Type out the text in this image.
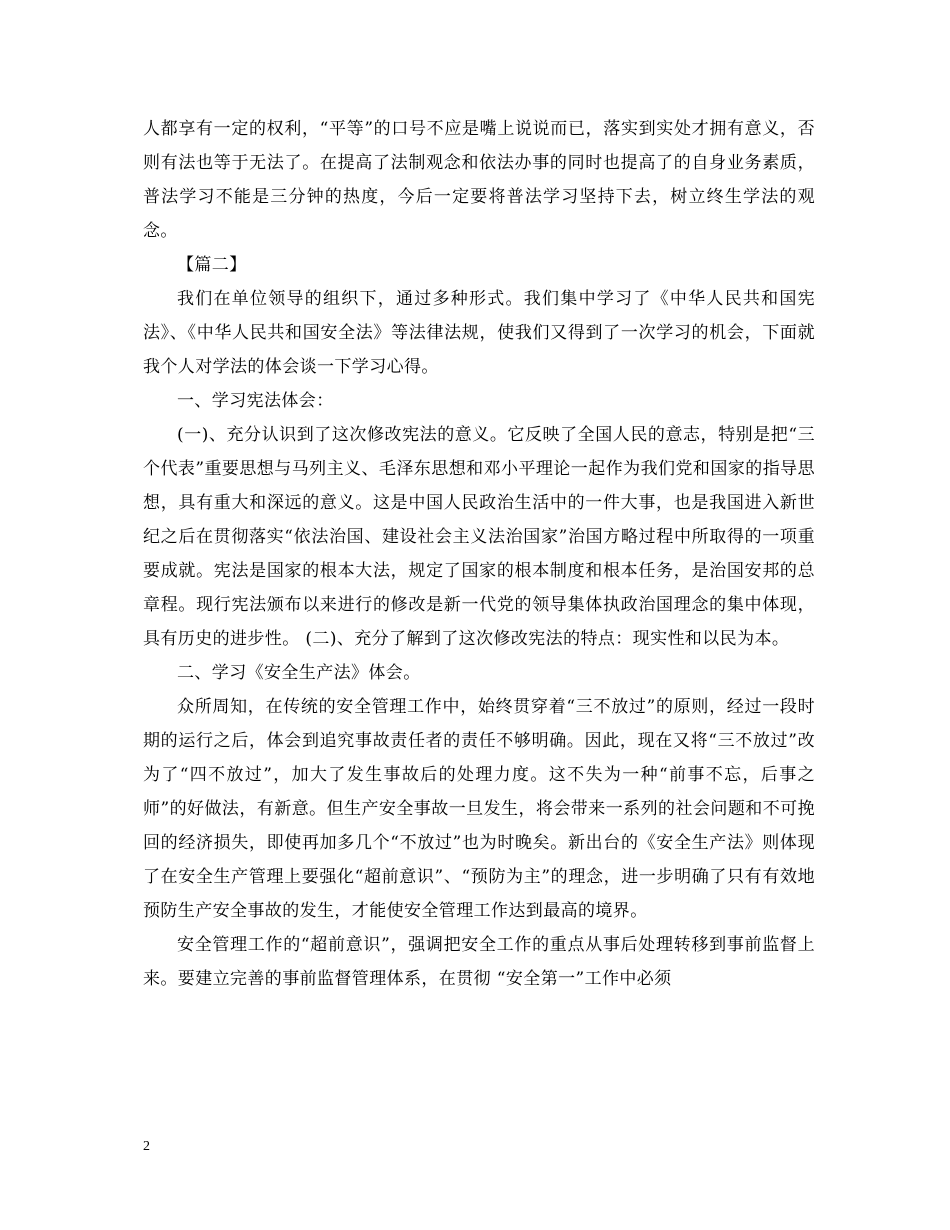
人都享有一定的权利，“平等”的口号不应是嘴上说说而已，落实到实处才拥有意义，否则有法也等于无法了。在提高了法制观念和依法办事的同时也提高了的自身业务素质，普法学习不能是三分钟的热度，今后一定要将普法学习坚持下去，树立终生学法的观念。

【篇二】

我们在单位领导的组织下，通过多种形式。我们集中学习了《中华人民共和国宪法》、《中华人民共和国安全法》等法律法规，使我们又得到了一次学习的机会，下面就我个人对学法的体会谈一下学习心得。

一、学习宪法体会：

(一)、充分认识到了这次修改宪法的意义。它反映了全国人民的意志，特别是把“三个代表”重要思想与马列主义、毛泽东思想和邓小平理论一起作为我们党和国家的指导思想，具有重大和深远的意义。这是中国人民政治生活中的一件大事，也是我国进入新世纪之后在贯彻落实“依法治国、建设社会主义法治国家”治国方略过程中所取得的一项重要成就。宪法是国家的根本大法，规定了国家的根本制度和根本任务，是治国安邦的总章程。现行宪法颁布以来进行的修改是新一代党的领导集体执政治国理念的集中体现，具有历史的进步性。 (二)、充分了解到了这次修改宪法的特点：现实性和以民为本。

二、学习《安全生产法》体会。

众所周知，在传统的安全管理工作中，始终贯穿着“三不放过”的原则，经过一段时期的运行之后，体会到追究事故责任者的责任不够明确。因此，现在又将“三不放过”改为了“四不放过”，加大了发生事故后的处理力度。这不失为一种“前事不忘，后事之师”的好做法，有新意。但生产安全事故一旦发生，将会带来一系列的社会问题和不可挽回的经济损失，即使再加多几个“不放过”也为时晚矣。新出台的《安全生产法》则体现了在安全生产管理上要强化“超前意识”、“预防为主”的理念，进一步明确了只有有效地预防生产安全事故的发生，才能使安全管理工作达到最高的境界。

安全管理工作的“超前意识”，强调把安全工作的重点从事后处理转移到事前监督上来。要建立完善的事前监督管理体系，在贯彻 “安全第一”工作中必须

2
